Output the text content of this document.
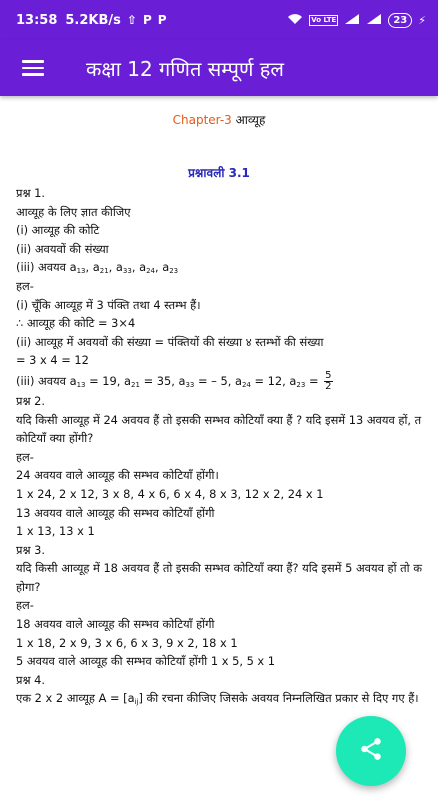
13:58 5.2KB/s ⇧ P P	Vo LTE	23	⚡
कक्षा 12 गणित सम्पूर्ण हल
Chapter-3 आव्यूह
प्रश्नावली 3.1
प्रश्न 1.
आव्यूह के लिए ज्ञात कीजिए
(i) आव्यूह की कोटि
(ii) अवयवों की संख्या
(iii) अवयव $a_{13}$, $a_{21}$, $a_{33}$, $a_{24}$, $a_{23}$
हल-
(i) चूँकि आव्यूह में 3 पंक्ति तथा 4 स्तम्भ हैं।
∴ आव्यूह की कोटि = 3×4
(ii) आव्यूह में अवयवों की संख्या = पंक्तियों की संख्या ४ स्तम्भों की संख्या
= 3 x 4 = 12
(iii) अवयव $a_{13} = 19$, $a_{21} = 35$, $a_{33}$ = – 5, $a_{24} = 12$, $a_{23} = \frac{5}{2}$
प्रश्न 2.
यदि किसी आव्यूह में 24 अवयव हैं तो इसकी सम्भव कोटियाँ क्या हैं ? यदि इसमें 13 अवयव हों, त
कोटियाँ क्या होंगी?
हल-
24 अवयव वाले आव्यूह की सम्भव कोटियाँ होंगी।
1 x 24, 2 x 12, 3 x 8, 4 x 6, 6 x 4, 8 x 3, 12 x 2, 24 x 1
13 अवयव वाले आव्यूह की सम्भव कोटियाँ होंगी
1 x 13, 13 x 1
प्रश्न 3.
यदि किसी आव्यूह में 18 अवयव हैं तो इसकी सम्भव कोटियाँ क्या हैं? यदि इसमें 5 अवयव हों तो क
होगा?
हल-
18 अवयव वाले आव्यूह की सम्भव कोटियाँ होंगी
1 x 18, 2 x 9, 3 x 6, 6 x 3, 9 x 2, 18 x 1
5 अवयव वाले आव्यूह की सम्भव कोटियाँ होंगी 1 x 5, 5 x 1
प्रश्न 4.
एक 2 x 2 आव्यूह $A = [a_{ij}]$ की रचना कीजिए जिसके अवयव निम्नलिखित प्रकार से दिए गए हैं।
